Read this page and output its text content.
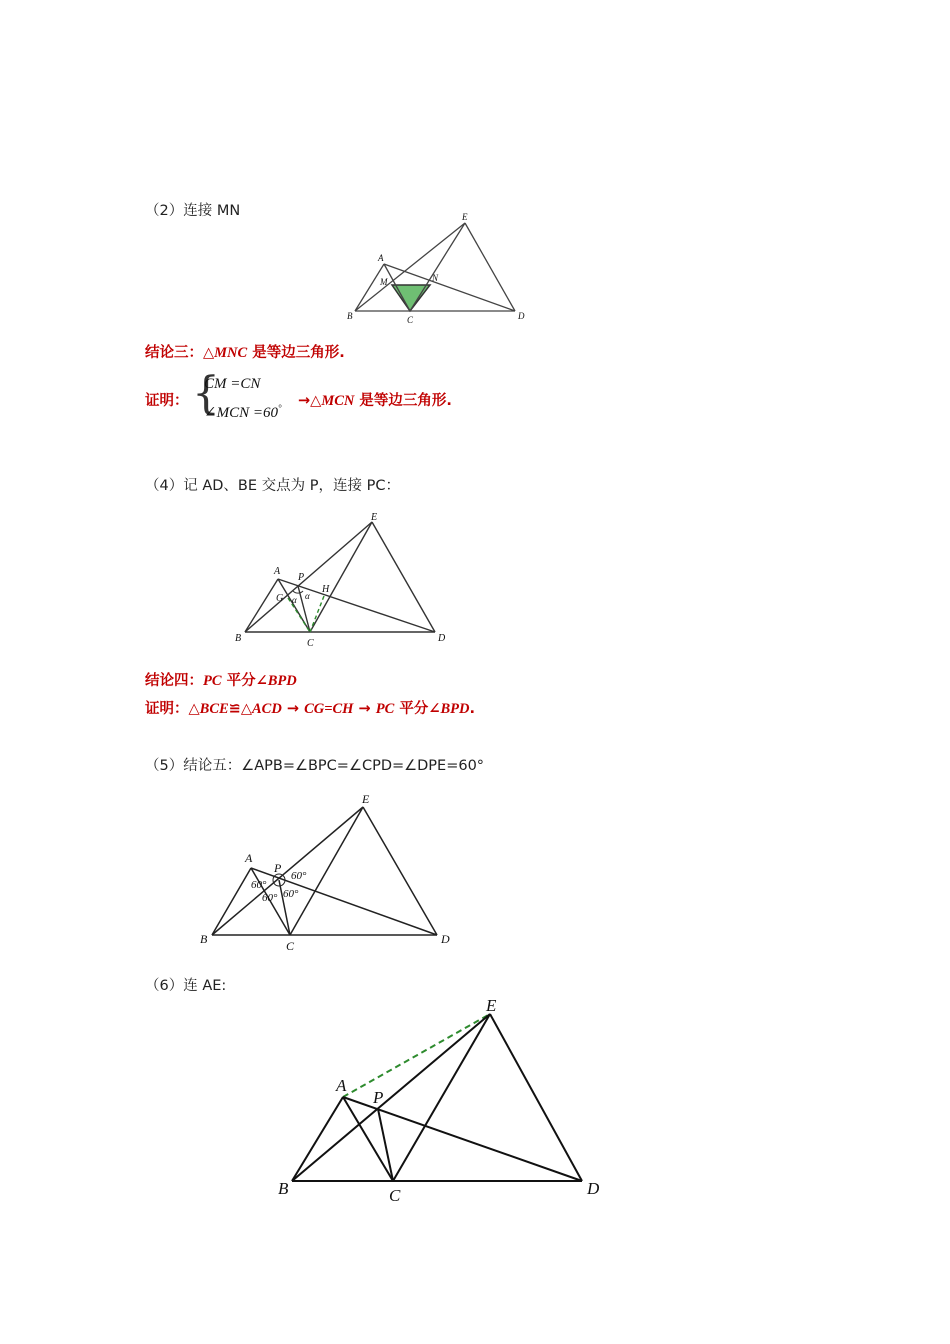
（2）连接 MN
A
B	C	D
E
M	N
结论三：△MNC 是等边三角形.
证明： {
CM =CN
∠MCN =60° →△MCN 是等边三角形.
（4）记 AD、BE 交点为 P，连接 PC：
A
B	C	D
E
P
G
H
α α
结论四：PC 平分∠BPD
证明：△BCE≌△ACD → CG=CH → PC 平分∠BPD.
（5）结论五：∠APB=∠BPC=∠CPD=∠DPE=60°
A
B	C	D
E
P
60°
60°
60° 60°
（6）连 AE:
A
B	C	D
E
P
